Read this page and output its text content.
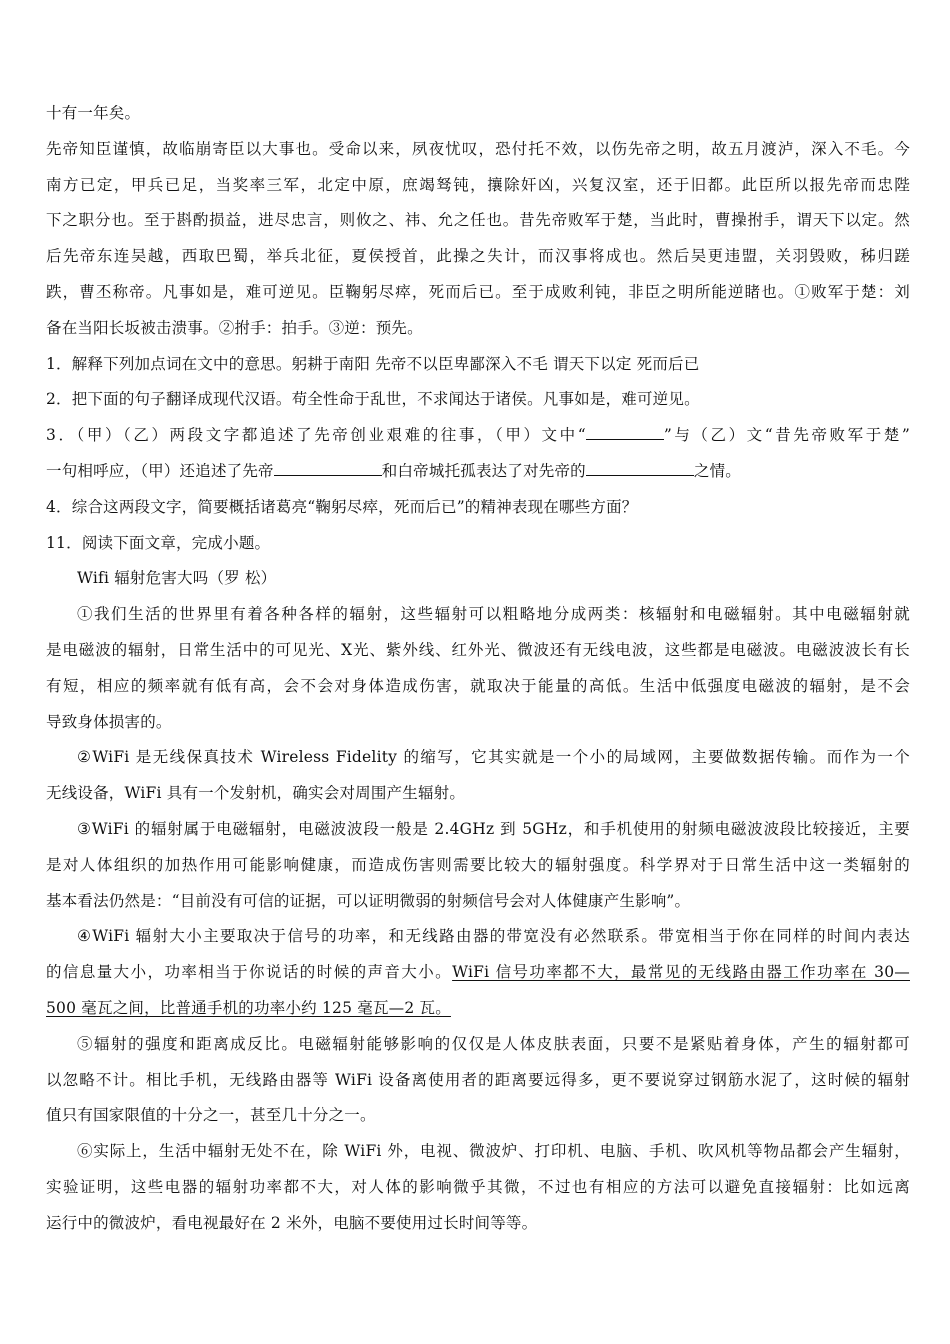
十有一年矣。
先帝知臣谨慎，故临崩寄臣以大事也。受命以来，夙夜忧叹，恐付托不效，以伤先帝之明，故五月渡泸，深入不毛。今
南方已定，甲兵已足，当奖率三军，北定中原，庶竭驽钝，攘除奸凶，兴复汉室，还于旧都。此臣所以报先帝而忠陛
下之职分也。至于斟酌损益，进尽忠言，则攸之、祎、允之任也。昔先帝败军于楚，当此时，曹操拊手，谓天下以定。然
后先帝东连吴越，西取巴蜀，举兵北征，夏侯授首，此操之失计，而汉事将成也。然后吴更违盟，关羽毁败，秭归蹉
跌，曹丕称帝。凡事如是，难可逆见。臣鞠躬尽瘁，死而后已。至于成败利钝，非臣之明所能逆睹也。①败军于楚：刘
备在当阳长坂被击溃事。②拊手：拍手。③逆：预先。
1．解释下列加点词在文中的意思。躬耕于南阳 先帝不以臣卑鄙深入不毛 谓天下以定 死而后已
2．把下面的句子翻译成现代汉语。苟全性命于乱世，不求闻达于诸侯。凡事如是，难可逆见。
3．（甲）（乙）两段文字都追述了先帝创业艰难的往事，（甲）文中“	”与（乙）文“昔先帝败军于楚”
一句相呼应，（甲）还追述了先帝	和白帝城托孤表达了对先帝的	之情。
4．综合这两段文字，简要概括诸葛亮“鞠躬尽瘁，死而后已”的精神表现在哪些方面？
11．阅读下面文章，完成小题。
Wifi 辐射危害大吗（罗 松）
①我们生活的世界里有着各种各样的辐射，这些辐射可以粗略地分成两类：核辐射和电磁辐射。其中电磁辐射就
是电磁波的辐射，日常生活中的可见光、X光、紫外线、红外光、微波还有无线电波，这些都是电磁波。电磁波波长有长
有短，相应的频率就有低有高，会不会对身体造成伤害，就取决于能量的高低。生活中低强度电磁波的辐射，是不会
导致身体损害的。
②WiFi 是无线保真技术 Wireless Fidelity 的缩写，它其实就是一个小的局域网，主要做数据传输。而作为一个
无线设备，WiFi 具有一个发射机，确实会对周围产生辐射。
③WiFi 的辐射属于电磁辐射，电磁波波段一般是 2.4GHz 到 5GHz，和手机使用的射频电磁波波段比较接近，主要
是对人体组织的加热作用可能影响健康，而造成伤害则需要比较大的辐射强度。科学界对于日常生活中这一类辐射的
基本看法仍然是：“目前没有可信的证据，可以证明微弱的射频信号会对人体健康产生影响”。
④WiFi 辐射大小主要取决于信号的功率，和无线路由器的带宽没有必然联系。带宽相当于你在同样的时间内表达
的信息量大小，功率相当于你说话的时候的声音大小。WiFi 信号功率都不大，最常见的无线路由器工作功率在 30—
500 毫瓦之间，比普通手机的功率小约 125 毫瓦—2 瓦。
⑤辐射的强度和距离成反比。电磁辐射能够影响的仅仅是人体皮肤表面，只要不是紧贴着身体，产生的辐射都可
以忽略不计。相比手机，无线路由器等 WiFi 设备离使用者的距离要远得多，更不要说穿过钢筋水泥了，这时候的辐射
值只有国家限值的十分之一，甚至几十分之一。
⑥实际上，生活中辐射无处不在，除 WiFi 外，电视、微波炉、打印机、电脑、手机、吹风机等物品都会产生辐射，
实验证明，这些电器的辐射功率都不大，对人体的影响微乎其微，不过也有相应的方法可以避免直接辐射：比如远离
运行中的微波炉，看电视最好在 2 米外，电脑不要使用过长时间等等。
